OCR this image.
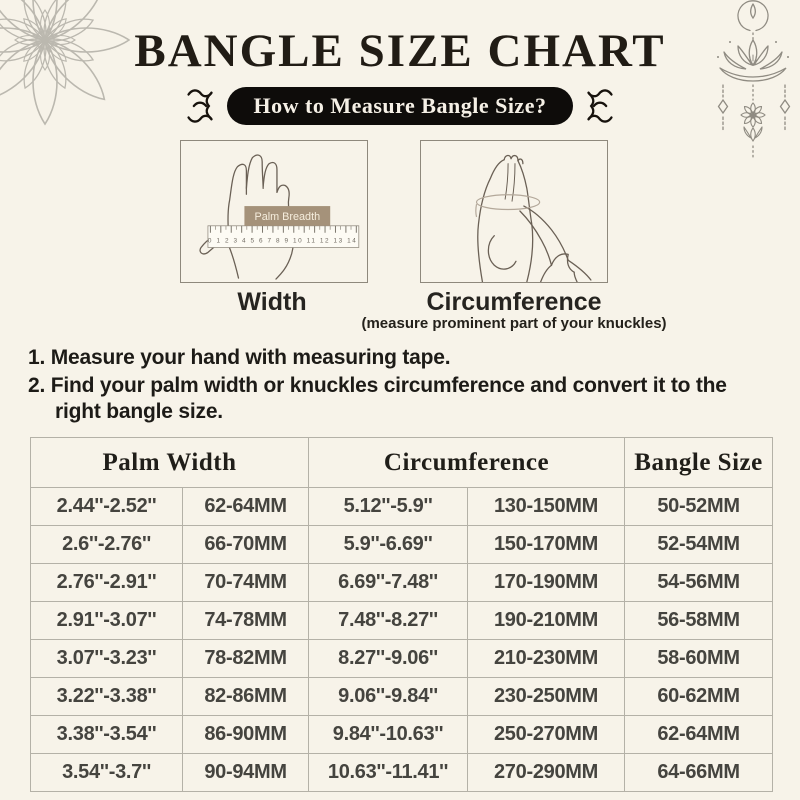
BANGLE SIZE CHART
How to Measure Bangle Size?
0 1 2 3 4 5 6 7 8 9 10 11 12 13 14
Palm Breadth
Width	Circumference
(measure prominent part of your knuckles)
1. Measure your hand with measuring tape.
2. Find your palm width or knuckles circumference and convert it to the
right bangle size.
Palm Width		Circumference		Bangle Size
2.44''-2.52''	62-64MM	5.12''-5.9''	130-150MM	50-52MM
2.6''-2.76''	66-70MM	5.9''-6.69''	150-170MM	52-54MM
2.76''-2.91''	70-74MM	6.69''-7.48''	170-190MM	54-56MM
2.91''-3.07''	74-78MM	7.48''-8.27''	190-210MM	56-58MM
3.07''-3.23''	78-82MM	8.27''-9.06''	210-230MM	58-60MM
3.22''-3.38''	82-86MM	9.06''-9.84''	230-250MM	60-62MM
3.38''-3.54''	86-90MM	9.84''-10.63''	250-270MM	62-64MM
3.54''-3.7''	90-94MM	10.63''-11.41''	270-290MM	64-66MM
